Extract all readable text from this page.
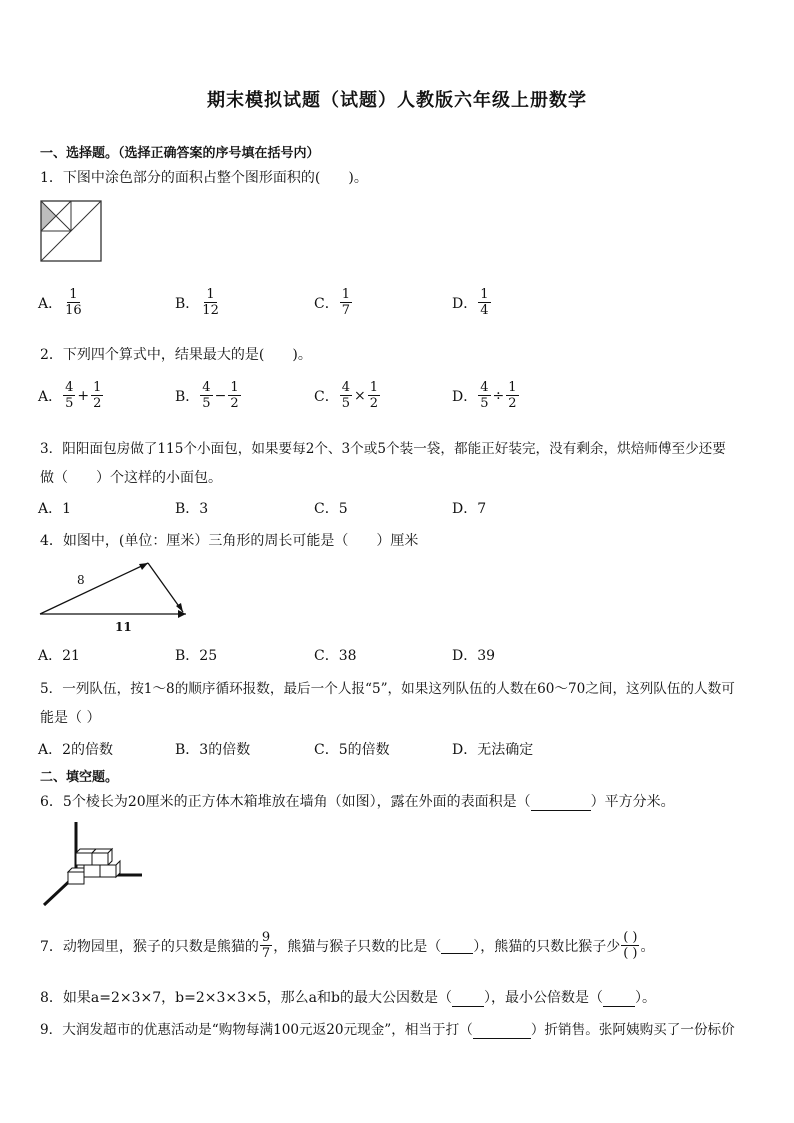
期末模拟试题（试题）人教版六年级上册数学
一、选择题。（选择正确答案的序号填在括号内）
1．下图中涂色部分的面积占整个图形面积的(　　)。
A． $\frac{1}{16}$	B． $\frac{1}{12}$	C． $\frac{1}{7}$	D． $\frac{1}{4}$
2．下列四个算式中，结果最大的是(　　)。
A． $\frac{4}{5} + \frac{1}{2}$	B． $\frac{4}{5} - \frac{1}{2}$	C． $\frac{4}{5} \times \frac{1}{2}$	D． $\frac{4}{5} \div \frac{1}{2}$
3．阳阳面包房做了115个小面包，如果要每2个、3个或5个装一袋，都能正好装完，没有剩余，烘焙师傅至少还要
做（　　）个这样的小面包。
A．1	B．3	C．5	D．7
4．如图中，(单位：厘米）三角形的周长可能是（　　）厘米
8
11
A．21	B．25	C．38	D．39
5．一列队伍，按1～8的顺序循环报数，最后一个人报“5”，如果这列队伍的人数在60～70之间，这列队伍的人数可
能是（ ）
A．2的倍数	B．3的倍数	C．5的倍数	D．无法确定
二、填空题。
6．5个棱长为20厘米的正方体木箱堆放在墙角（如图），露在外面的表面积是（	）平方分米。
7．动物园里，猴子的只数是熊猫的 $\frac{9}{7}$ ，熊猫与猴子只数的比是（
），熊猫的只数比猴子少 $\frac{( )}{( )}$ 。
8．如果a=2×3×7，b=2×3×3×5，那么a和b的最大公因数是（ ），最小公倍数是（ ）。
9．大润发超市的优惠活动是“购物每满100元返20元现金”，相当于打（	）折销售。张阿姨购买了一份标价
